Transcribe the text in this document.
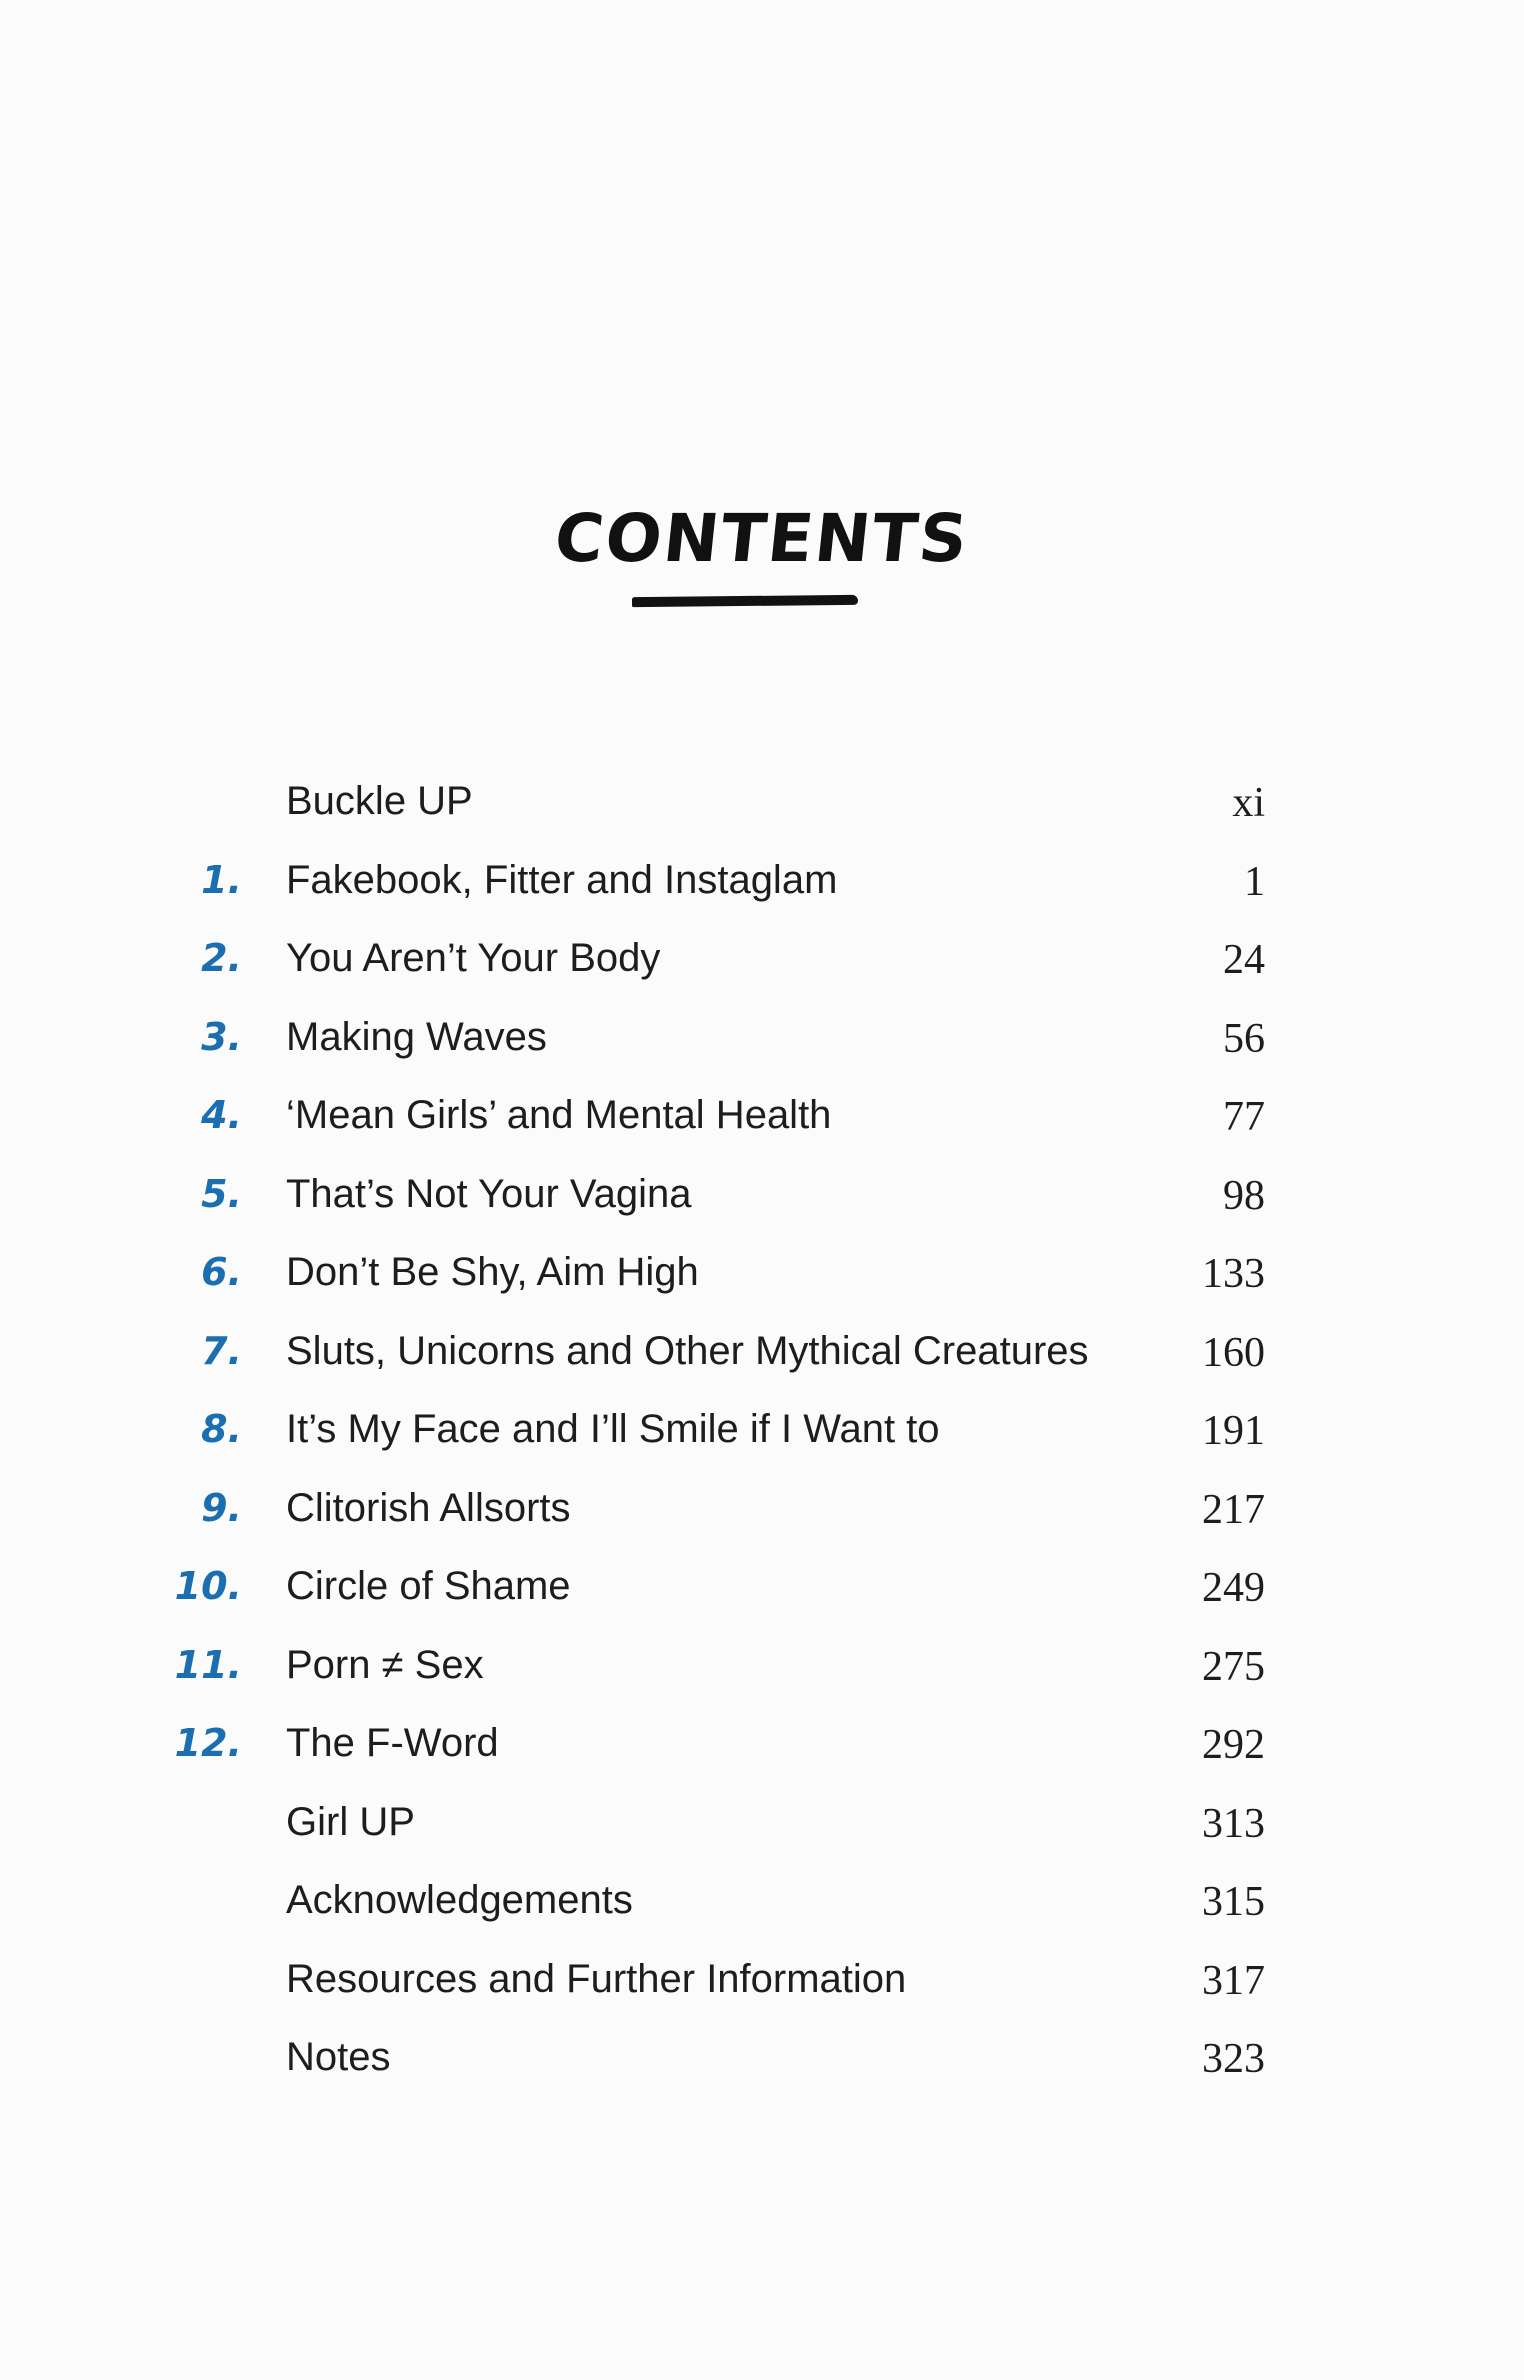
CONTENTS
Buckle UP	xi
1. Fakebook, Fitter and Instaglam	1
2. You Aren’t Your Body	24
3. Making Waves	56
4. ‘Mean Girls’ and Mental Health	77
5. That’s Not Your Vagina	98
6. Don’t Be Shy, Aim High	133
7. Sluts, Unicorns and Other Mythical Creatures	160
8. It’s My Face and I’ll Smile if I Want to	191
9. Clitorish Allsorts	217
10. Circle of Shame	249
11. Porn ≠ Sex	275
12. The F-Word	292
Girl UP	313
Acknowledgements	315
Resources and Further Information	317
Notes	323
